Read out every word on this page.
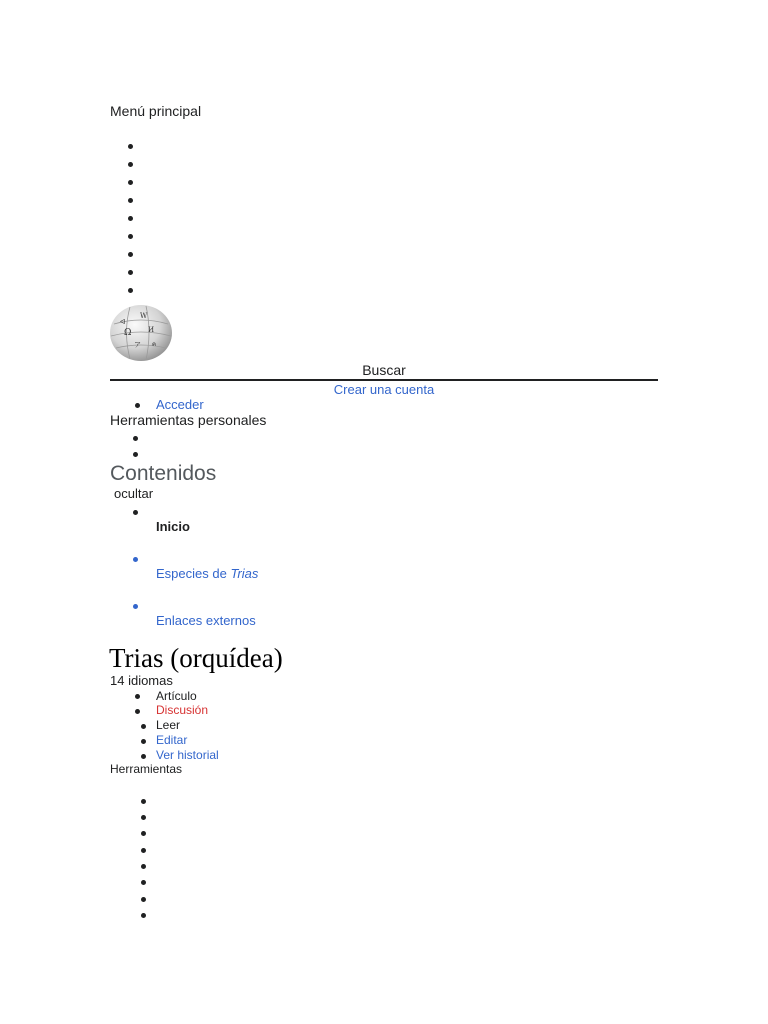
Menú principal
ᐊ
W
Ω И
ア ค
Buscar
Crear una cuenta
Acceder
Herramientas personales
Contenidos
ocultar
Inicio
Especies de Trias
Enlaces externos
Trias (orquídea)
14 idiomas
Artículo
Discusión
Leer
Editar
Ver historial
Herramientas
